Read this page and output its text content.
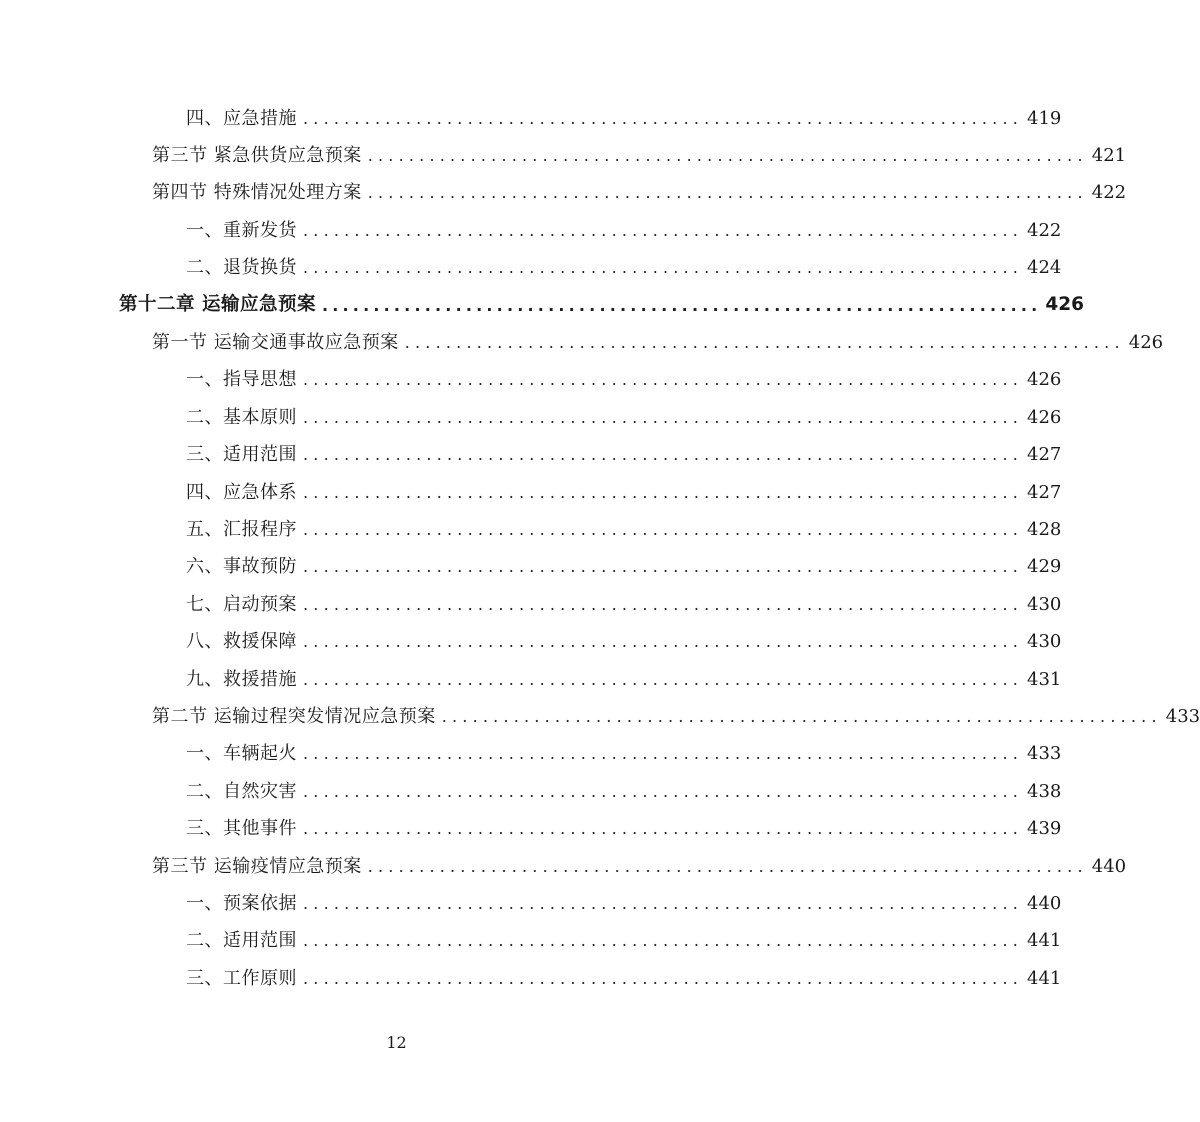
四、应急措施 ...................................................................... 419
第三节 紧急供货应急预案 ...................................................................... 421
第四节 特殊情况处理方案 ...................................................................... 422
一、重新发货 ...................................................................... 422
二、退货换货 ...................................................................... 424
第十二章 运输应急预案 ...................................................................... 426
第一节 运输交通事故应急预案 ...................................................................... 426
一、指导思想 ...................................................................... 426
二、基本原则 ...................................................................... 426
三、适用范围 ...................................................................... 427
四、应急体系 ...................................................................... 427
五、汇报程序 ...................................................................... 428
六、事故预防 ...................................................................... 429
七、启动预案 ...................................................................... 430
八、救援保障 ...................................................................... 430
九、救援措施 ...................................................................... 431
第二节 运输过程突发情况应急预案 ...................................................................... 433
一、车辆起火 ...................................................................... 433
二、自然灾害 ...................................................................... 438
三、其他事件 ...................................................................... 439
第三节 运输疫情应急预案 ...................................................................... 440
一、预案依据 ...................................................................... 440
二、适用范围 ...................................................................... 441
三、工作原则 ...................................................................... 441
12
